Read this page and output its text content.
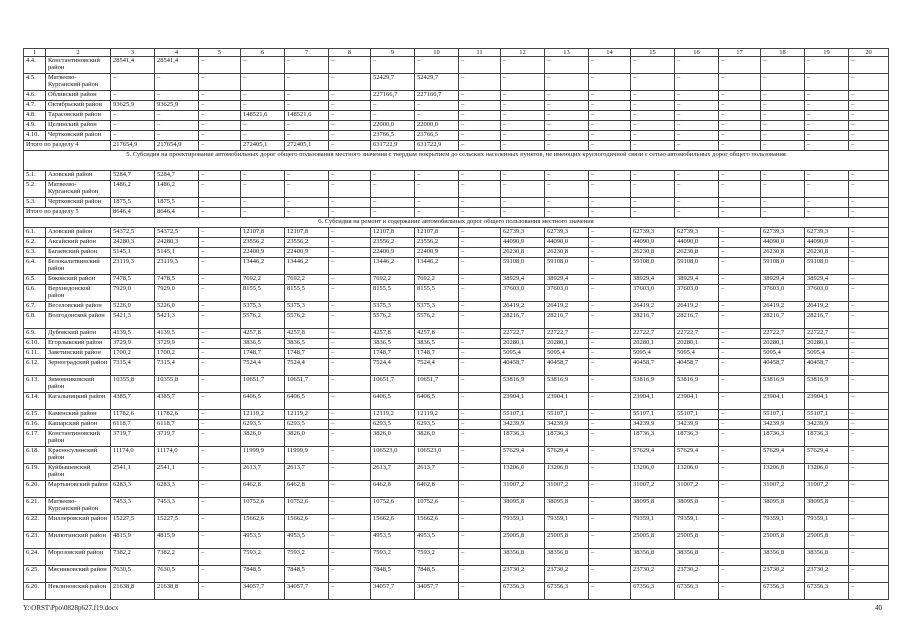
1	2	3	4	5	6	7	8	9	10	11	12	13	14	15	16	17	18	19	20
4.4.	Константиновский район	28541,4	28541,4	–	–	–	–	–	–	–	–	–	–	–	–	–	–	–	–
4.5.	Матвеево-Курганский район	–	–	–	–	–	–	52429,7	52429,7	–	–	–	–	–	–	–	–	–	–
4.6.	Обливский район	–	–	–	–	–	–	227166,7	227166,7	–	–	–	–	–	–	–	–	–	–
4.7.	Октябрьский район	93625,9	93625,9	–	–	–	–	–	–	–	–	–	–	–	–	–	–	–	–
4.8.	Тарасовский район	–	–	–	148521,6	148521,6	–	–	–	–	–	–	–	–	–	–	–	–	–
4.9.	Целинский район	–	–	–	–	–	–	22000,0	22000,0	–	–	–	–	–	–	–	–	–	–
4.10.	Чертковский район	–	–	–	–	–	–	23766,5	23766,5	–	–	–	–	–	–	–	–	–	–
Итого по разделу 4		217654,9	217654,9	–	272405,1	272405,1	–	631722,9	631722,9	–	–	–	–	–	–	–	–	–	–
5. Субсидия на проектирование автомобильных дорог общего пользования местного значения с твердым покрытием до сельских населенных пунктов, не имеющих круглогодичной связи с сетью автомобильных дорог общего пользования																			
5.1.	Азовский район	5284,7	5284,7	–	–	–	–	–	–	–	–	–	–	–	–	–	–	–	–
5.2.	Матвеево-Курганский район	1486,2	1486,2	–	–	–	–	–	–	–	–	–	–	–	–	–	–	–	–
5.3.	Чертковский район	1875,5	1875,5	–	–	–	–	–	–	–	–	–	–	–	–	–	–	–	–
Итого по разделу 5		8646,4	8646,4	–	–	–	–	–	–	–	–	–	–	–	–	–	–	–	–
6. Субсидия на ремонт и содержание автомобильных дорог общего пользования местного значения																			
6.1.	Азовский район	54372,5	54372,5	–	12107,8	12107,8	–	12107,8	12107,8	–	62739,3	62739,3	–	62739,3	62739,3	–	62739,3	62739,3	–
6.2.	Аксайский район	24280,3	24280,3	–	23556,2	23556,2	–	23556,2	23556,2	–	44090,0	44090,0	–	44090,0	44090,0	–	44090,0	44090,0	–
6.3.	Багаевский район	5145,1	5145,1	–	22400,9	22400,9	–	22400,9	22400,9	–	26230,8	26230,8	–	26230,8	26230,8	–	26230,8	26230,8	–
6.4.	Белокалитвинский район	23119,3	23119,3	–	13446,2	13446,2	–	13446,2	13446,2	–	59108,0	59108,0	–	59108,0	59108,0	–	59108,0	59108,0	–
6.5.	Боковский район	7478,5	7478,5	–	7692,2	7692,2	–	7692,2	7692,2	–	38929,4	38929,4	–	38929,4	38929,4	–	38929,4	38929,4	–
6.6.	Верхнедонской район	7929,0	7929,0	–	8155,5	8155,5	–	8155,5	8155,5	–	37603,0	37603,0	–	37603,0	37603,0	–	37603,0	37603,0	–
6.7.	Веселовский район	5226,0	5226,0	–	5375,3	5375,3	–	5375,3	5375,3	–	26419,2	26419,2	–	26419,2	26419,2	–	26419,2	26419,2	–
6.8.	Волгодонской район	5421,3	5421,3	–	5576,2	5576,2	–	5576,2	5576,2	–	28216,7	28216,7	–	28216,7	28216,7	–	28216,7	28216,7	–
6.9.	Дубовский район	4139,5	4139,5	–	4257,8	4257,8	–	4257,8	4257,8	–	22722,7	22722,7	–	22722,7	22722,7	–	22722,7	22722,7	–
6.10.	Егорлыкский район	3729,9	3729,9	–	3836,5	3836,5	–	3836,5	3836,5	–	20280,1	20280,1	–	20280,1	20280,1	–	20280,1	20280,1	–
6.11.	Заветинский район	1700,2	1700,2	–	1748,7	1748,7	–	1748,7	1748,7	–	5095,4	5095,4	–	5095,4	5095,4	–	5095,4	5095,4	–
6.12.	Зерноградский район	7315,4	7315,4	–	7524,4	7524,4	–	7524,4	7524,4	–	40458,7	40458,7	–	40458,7	40458,7	–	40458,7	40458,7	–
6.13.	Зимовниковский район	10355,8	10355,8	–	10651,7	10651,7	–	10651,7	10651,7	–	53816,9	53816,9	–	53816,9	53816,9	–	53816,9	53816,9	–
6.14.	Кагальницкий район	4385,7	4385,7	–	6406,5	6406,5	–	6406,5	6406,5	–	23904,1	23904,1	–	23904,1	23904,1	–	23904,1	23904,1	–
6.15.	Каменский район	11782,6	11782,6	–	12119,2	12119,2	–	12119,2	12119,2	–	55107,1	55107,1	–	55107,1	55107,1	–	55107,1	55107,1	–
6.16.	Кашарский район	6118,7	6118,7	–	6293,5	6293,5	–	6293,5	6293,5	–	34239,9	34239,9	–	34239,9	34239,9	–	34239,9	34239,9	–
6.17.	Константиновский район	3719,7	3719,7	–	3826,0	3826,0	–	3826,0	3826,0	–	18736,3	18736,3	–	18736,3	18736,3	–	18736,3	18736,3	–
6.18.	Красносулинский район	11174,0	11174,0	–	11999,9	11999,9	–	106523,0	106523,0	–	57629,4	57629,4	–	57629,4	57629,4	–	57629,4	57629,4	–
6.19.	Куйбышевский район	2541,1	2541,1	–	2613,7	2613,7	–	2613,7	2613,7	–	13206,0	13206,0	–	13206,0	13206,0	–	13206,0	13206,0	–
6.20.	Мартыновский район	6283,3	6283,3	–	6462,8	6462,8	–	6462,8	6462,8	–	31007,2	31007,2	–	31007,2	31007,2	–	31007,2	31007,2	–
6.21.	Матвеево-Курганский район	7453,3	7453,3	–	10752,6	10752,6	–	10752,6	10752,6	–	38095,8	38095,8	–	38095,8	38095,8	–	38095,8	38095,8	–
6.22.	Миллеровский район	15227,5	15227,5	–	15662,6	15662,6	–	15662,6	15662,6	–	79359,1	79359,1	–	79359,1	79359,1	–	79359,1	79359,1	–
6.23.	Милютинский район	4815,9	4815,9	–	4953,5	4953,5	–	4953,5	4953,5	–	25005,8	25005,8	–	25005,8	25005,8	–	25005,8	25005,8	–
6.24.	Морозовский район	7382,2	7382,2	–	7593,2	7593,2	–	7593,2	7593,2	–	38356,8	38356,8	–	38356,8	38356,8	–	38356,8	38356,8	–
6.25.	Мясниковский район	7630,5	7630,5	–	7848,5	7848,5	–	7848,5	7848,5	–	23730,2	23730,2	–	23730,2	23730,2	–	23730,2	23730,2	–
6.26.	Неклиновский район	21638,8	21638,8	–	34057,7	34057,7	–	34057,7	34057,7	–	67356,3	67356,3	–	67356,3	67356,3	–	67356,3	67356,3	–
Y:\ORST\Ppo\0828p627.f19.docx	40
